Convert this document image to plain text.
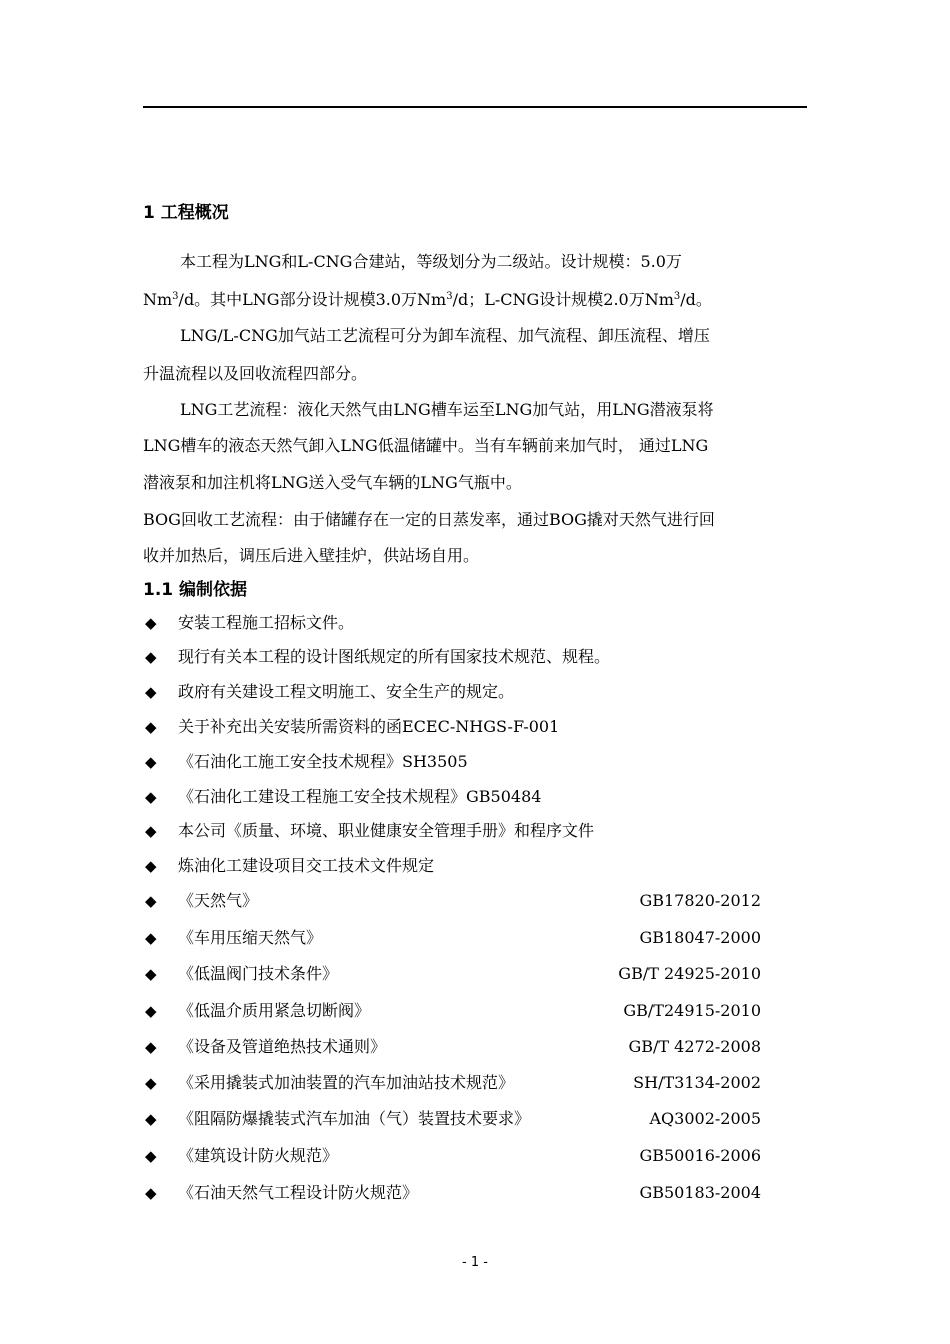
1 工程概况
本工程为LNG和L-CNG合建站，等级划分为二级站。设计规模：5.0万
Nm$^3$/d。其中LNG部分设计规模3.0万Nm$^3$/d；L-CNG设计规模2.0万Nm$^3$/d。
LNG/L-CNG加气站工艺流程可分为卸车流程、加气流程、卸压流程、增压
升温流程以及回收流程四部分。
LNG工艺流程：液化天然气由LNG槽车运至LNG加气站，用LNG潜液泵将
LNG槽车的液态天然气卸入LNG低温储罐中。当有车辆前来加气时， 通过LNG
潜液泵和加注机将LNG送入受气车辆的LNG气瓶中。
BOG回收工艺流程：由于储罐存在一定的日蒸发率，通过BOG撬对天然气进行回
收并加热后，调压后进入壁挂炉，供站场自用。
1.1 编制依据
◆ 安装工程施工招标文件。
◆ 现行有关本工程的设计图纸规定的所有国家技术规范、规程。
◆ 政府有关建设工程文明施工、安全生产的规定。
◆ 关于补充出关安装所需资料的函ECEC-NHGS-F-001
◆ 《石油化工施工安全技术规程》SH3505
◆ 《石油化工建设工程施工安全技术规程》GB50484
◆ 本公司《质量、环境、职业健康安全管理手册》和程序文件
◆ 炼油化工建设项目交工技术文件规定
◆ 《天然气》	GB17820-2012
◆ 《车用压缩天然气》	GB18047-2000
◆ 《低温阀门技术条件》	GB/T 24925-2010
◆ 《低温介质用紧急切断阀》	GB/T24915-2010
◆ 《设备及管道绝热技术通则》	GB/T 4272-2008
◆ 《采用撬装式加油装置的汽车加油站技术规范》	SH/T3134-2002
◆ 《阻隔防爆撬装式汽车加油（气）装置技术要求》	AQ3002-2005
◆ 《建筑设计防火规范》	GB50016-2006
◆ 《石油天然气工程设计防火规范》	GB50183-2004
- 1 -
